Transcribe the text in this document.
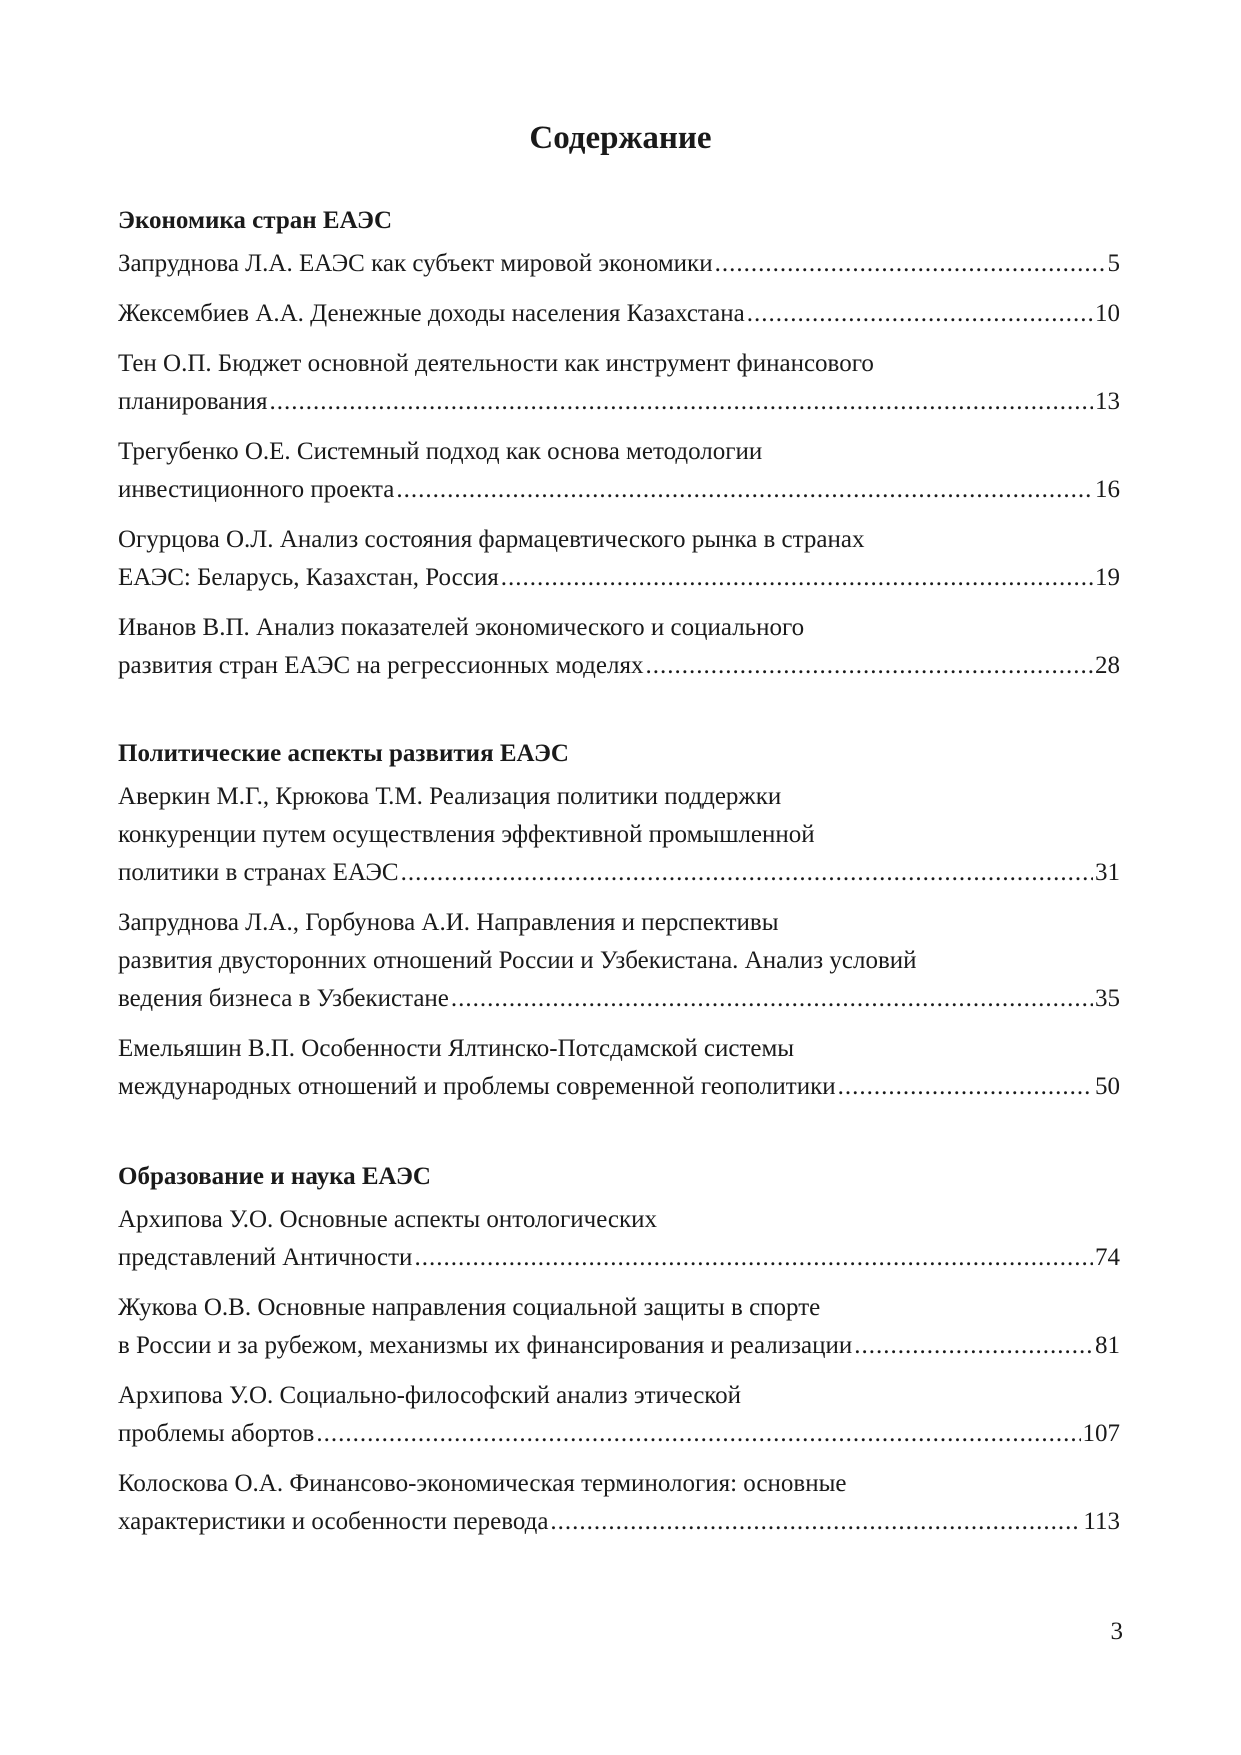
Содержание
Экономика стран ЕАЭС
Запруднова Л.А. ЕАЭС как субъект мировой экономики .....	5
Жексембиев А.А. Денежные доходы населения Казахстана .....	10
Тен О.П. Бюджет основной деятельности как инструмент финансового
планирования .....	13
Трегубенко О.Е. Системный подход как основа методологии
инвестиционного проекта .....	16
Огурцова О.Л. Анализ состояния фармацевтического рынка в странах
ЕАЭС: Беларусь, Казахстан, Россия .....	19
Иванов В.П. Анализ показателей экономического и социального
развития стран ЕАЭС на регрессионных моделях .....	28
Политические аспекты развития ЕАЭС
Аверкин М.Г., Крюкова Т.М. Реализация политики поддержки
конкуренции путем осуществления эффективной промышленной
политики в странах ЕАЭС .....	31
Запруднова Л.А., Горбунова А.И. Направления и перспективы
развития двусторонних отношений России и Узбекистана. Анализ условий
ведения бизнеса в Узбекистане .....	35
Емельяшин В.П. Особенности Ялтинско-Потсдамской системы
международных отношений и проблемы современной геополитики .....	50
Образование и наука ЕАЭС
Архипова У.О. Основные аспекты онтологических
представлений Античности .....	74
Жукова О.В. Основные направления социальной защиты в спорте
в России и за рубежом, механизмы их финансирования и реализации .....	81
Архипова У.О. Социально-философский анализ этической
проблемы абортов .....	107
Колоскова О.А. Финансово-экономическая терминология: основные
характеристики и особенности перевода .....	113
3
